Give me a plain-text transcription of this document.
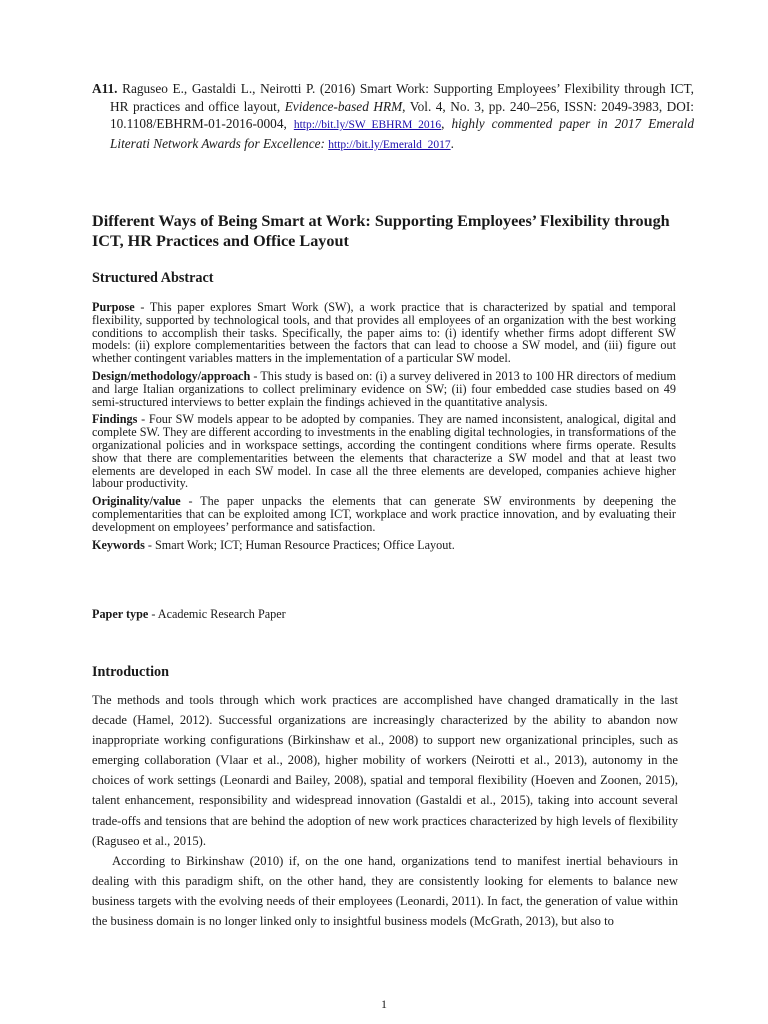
A11. Raguseo E., Gastaldi L., Neirotti P. (2016) Smart Work: Supporting Employees’ Flexibility through ICT, HR practices and office layout, Evidence-based HRM, Vol. 4, No. 3, pp. 240–256, ISSN: 2049-3983, DOI: 10.1108/EBHRM-01-2016-0004, http://bit.ly/SW_EBHRM_2016, highly commented paper in 2017 Emerald Literati Network Awards for Excellence: http://bit.ly/Emerald_2017.
Different Ways of Being Smart at Work: Supporting Employees’ Flexibility through ICT, HR Practices and Office Layout
Structured Abstract

Purpose - This paper explores Smart Work (SW), a work practice that is characterized by spatial and temporal flexibility, supported by technological tools, and that provides all employees of an organization with the best working conditions to accomplish their tasks. Specifically, the paper aims to: (i) identify whether firms adopt different SW models: (ii) explore complementarities between the factors that can lead to choose a SW model, and (iii) figure out whether contingent variables matters in the implementation of a particular SW model.

Design/methodology/approach - This study is based on: (i) a survey delivered in 2013 to 100 HR directors of medium and large Italian organizations to collect preliminary evidence on SW; (ii) four embedded case studies based on 49 semi-structured interviews to better explain the findings achieved in the quantitative analysis.

Findings - Four SW models appear to be adopted by companies. They are named inconsistent, analogical, digital and complete SW. They are different according to investments in the enabling digital technologies, in transformations of the organizational policies and in workspace settings, according the contingent conditions where firms operate. Results show that there are complementarities between the elements that characterize a SW model and that at least two elements are developed in each SW model. In case all the three elements are developed, companies achieve higher labour productivity.

Originality/value - The paper unpacks the elements that can generate SW environments by deepening the complementarities that can be exploited among ICT, workplace and work practice innovation, and by evaluating their development on employees’ performance and satisfaction.

Keywords - Smart Work; ICT; Human Resource Practices; Office Layout.

Paper type - Academic Research Paper

Introduction

The methods and tools through which work practices are accomplished have changed dramatically in the last decade (Hamel, 2012). Successful organizations are increasingly characterized by the ability to abandon now inappropriate working configurations (Birkinshaw et al., 2008) to support new organizational principles, such as emerging collaboration (Vlaar et al., 2008), higher mobility of workers (Neirotti et al., 2013), autonomy in the choices of work settings (Leonardi and Bailey, 2008), spatial and temporal flexibility (Hoeven and Zoonen, 2015), talent enhancement, responsibility and widespread innovation (Gastaldi et al., 2015), taking into account several trade-offs and tensions that are behind the adoption of new work practices characterized by high levels of flexibility (Raguseo et al., 2015).

According to Birkinshaw (2010) if, on the one hand, organizations tend to manifest inertial behaviours in dealing with this paradigm shift, on the other hand, they are consistently looking for elements to balance new business targets with the evolving needs of their employees (Leonardi, 2011). In fact, the generation of value within the business domain is no longer linked only to insightful business models (McGrath, 2013), but also to

1
